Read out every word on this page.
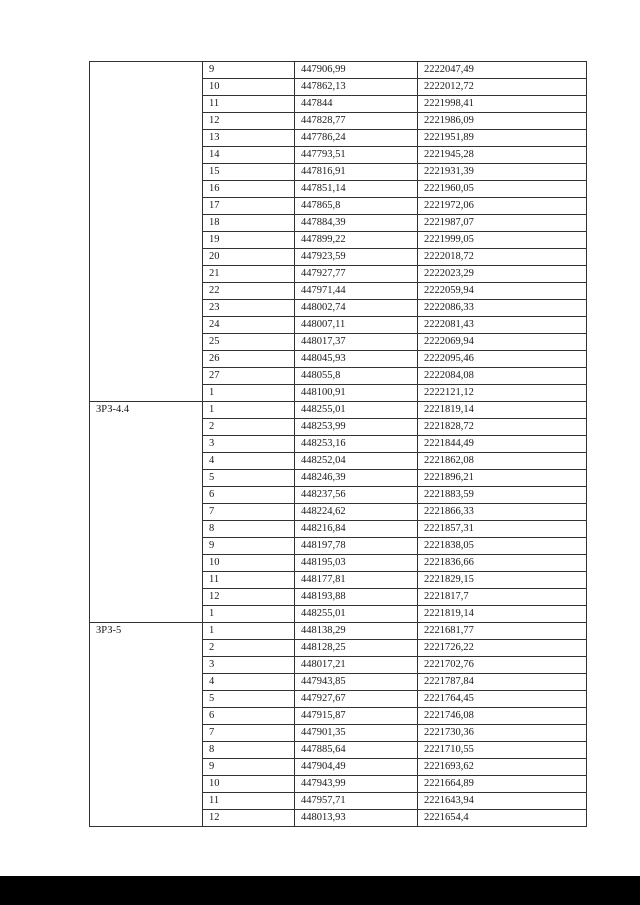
	9	447906,99	2222047,49
	10	447862,13	2222012,72
	11	447844	2221998,41
	12	447828,77	2221986,09
	13	447786,24	2221951,89
	14	447793,51	2221945,28
	15	447816,91	2221931,39
	16	447851,14	2221960,05
	17	447865,8	2221972,06
	18	447884,39	2221987,07
	19	447899,22	2221999,05
	20	447923,59	2222018,72
	21	447927,77	2222023,29
	22	447971,44	2222059,94
	23	448002,74	2222086,33
	24	448007,11	2222081,43
	25	448017,37	2222069,94
	26	448045,93	2222095,46
	27	448055,8	2222084,08
	1	448100,91	2222121,12
ЗРЗ-4.4	1	448255,01	2221819,14
	2	448253,99	2221828,72
	3	448253,16	2221844,49
	4	448252,04	2221862,08
	5	448246,39	2221896,21
	6	448237,56	2221883,59
	7	448224,62	2221866,33
	8	448216,84	2221857,31
	9	448197,78	2221838,05
	10	448195,03	2221836,66
	11	448177,81	2221829,15
	12	448193,88	2221817,7
	1	448255,01	2221819,14
ЗРЗ-5	1	448138,29	2221681,77
	2	448128,25	2221726,22
	3	448017,21	2221702,76
	4	447943,85	2221787,84
	5	447927,67	2221764,45
	6	447915,87	2221746,08
	7	447901,35	2221730,36
	8	447885,64	2221710,55
	9	447904,49	2221693,62
	10	447943,99	2221664,89
	11	447957,71	2221643,94
	12	448013,93	2221654,4
